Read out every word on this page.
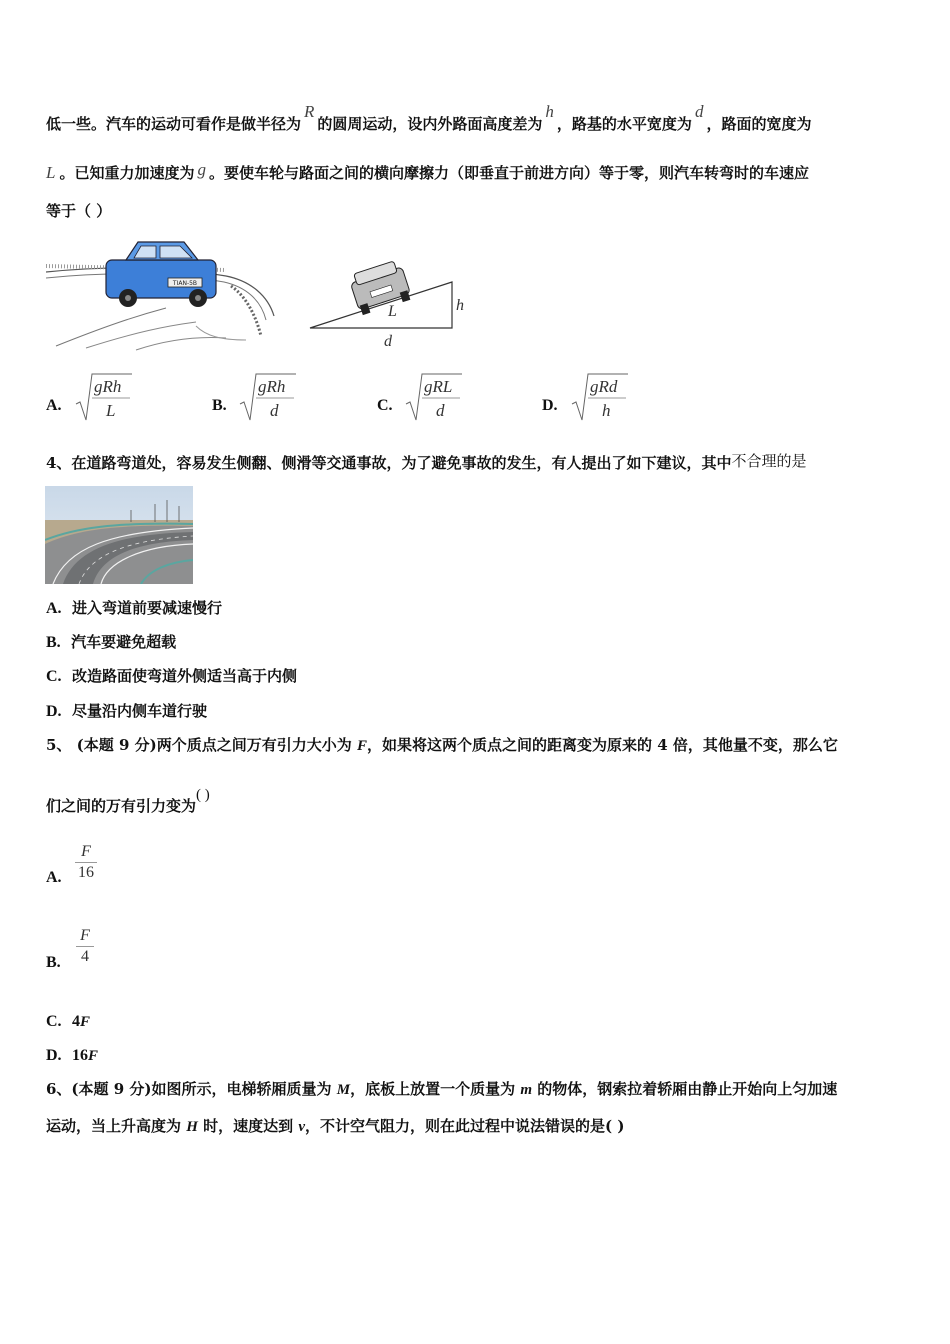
低一些。汽车的运动可看作是做半径为R的圆周运动，设内外路面高度差为h，路基的水平宽度为d，路面的宽度为
L 。已知重力加速度为 g 。要使车轮与路面之间的横向摩擦力（即垂直于前进方向）等于零，则汽车转弯时的车速应
等于（ ）
TIAN-5B
L	h
d
A.
gRh
L	B.
gRh
d	C.
gRL
d	D.
gRd
h
4、在道路弯道处，容易发生侧翻、侧滑等交通事故，为了避免事故的发生，有人提出了如下建议，其中不合理的是
A. 进入弯道前要减速慢行
B. 汽车要避免超载
C. 改造路面使弯道外侧适当高于内侧
D. 尽量沿内侧车道行驶
5、 (本题 9 分)两个质点之间万有引力大小为 F，如果将这两个质点之间的距离变为原来的 4 倍，其他量不变，那么它
们之间的万有引力变为( )
A.
F
16
B.
F
4
C. 4F
D. 16F
6、(本题 9 分)如图所示，电梯轿厢质量为 M，底板上放置一个质量为 m 的物体，钢索拉着轿厢由静止开始向上匀加速
运动，当上升高度为 H 时，速度达到 v，不计空气阻力，则在此过程中说法错误的是( )
